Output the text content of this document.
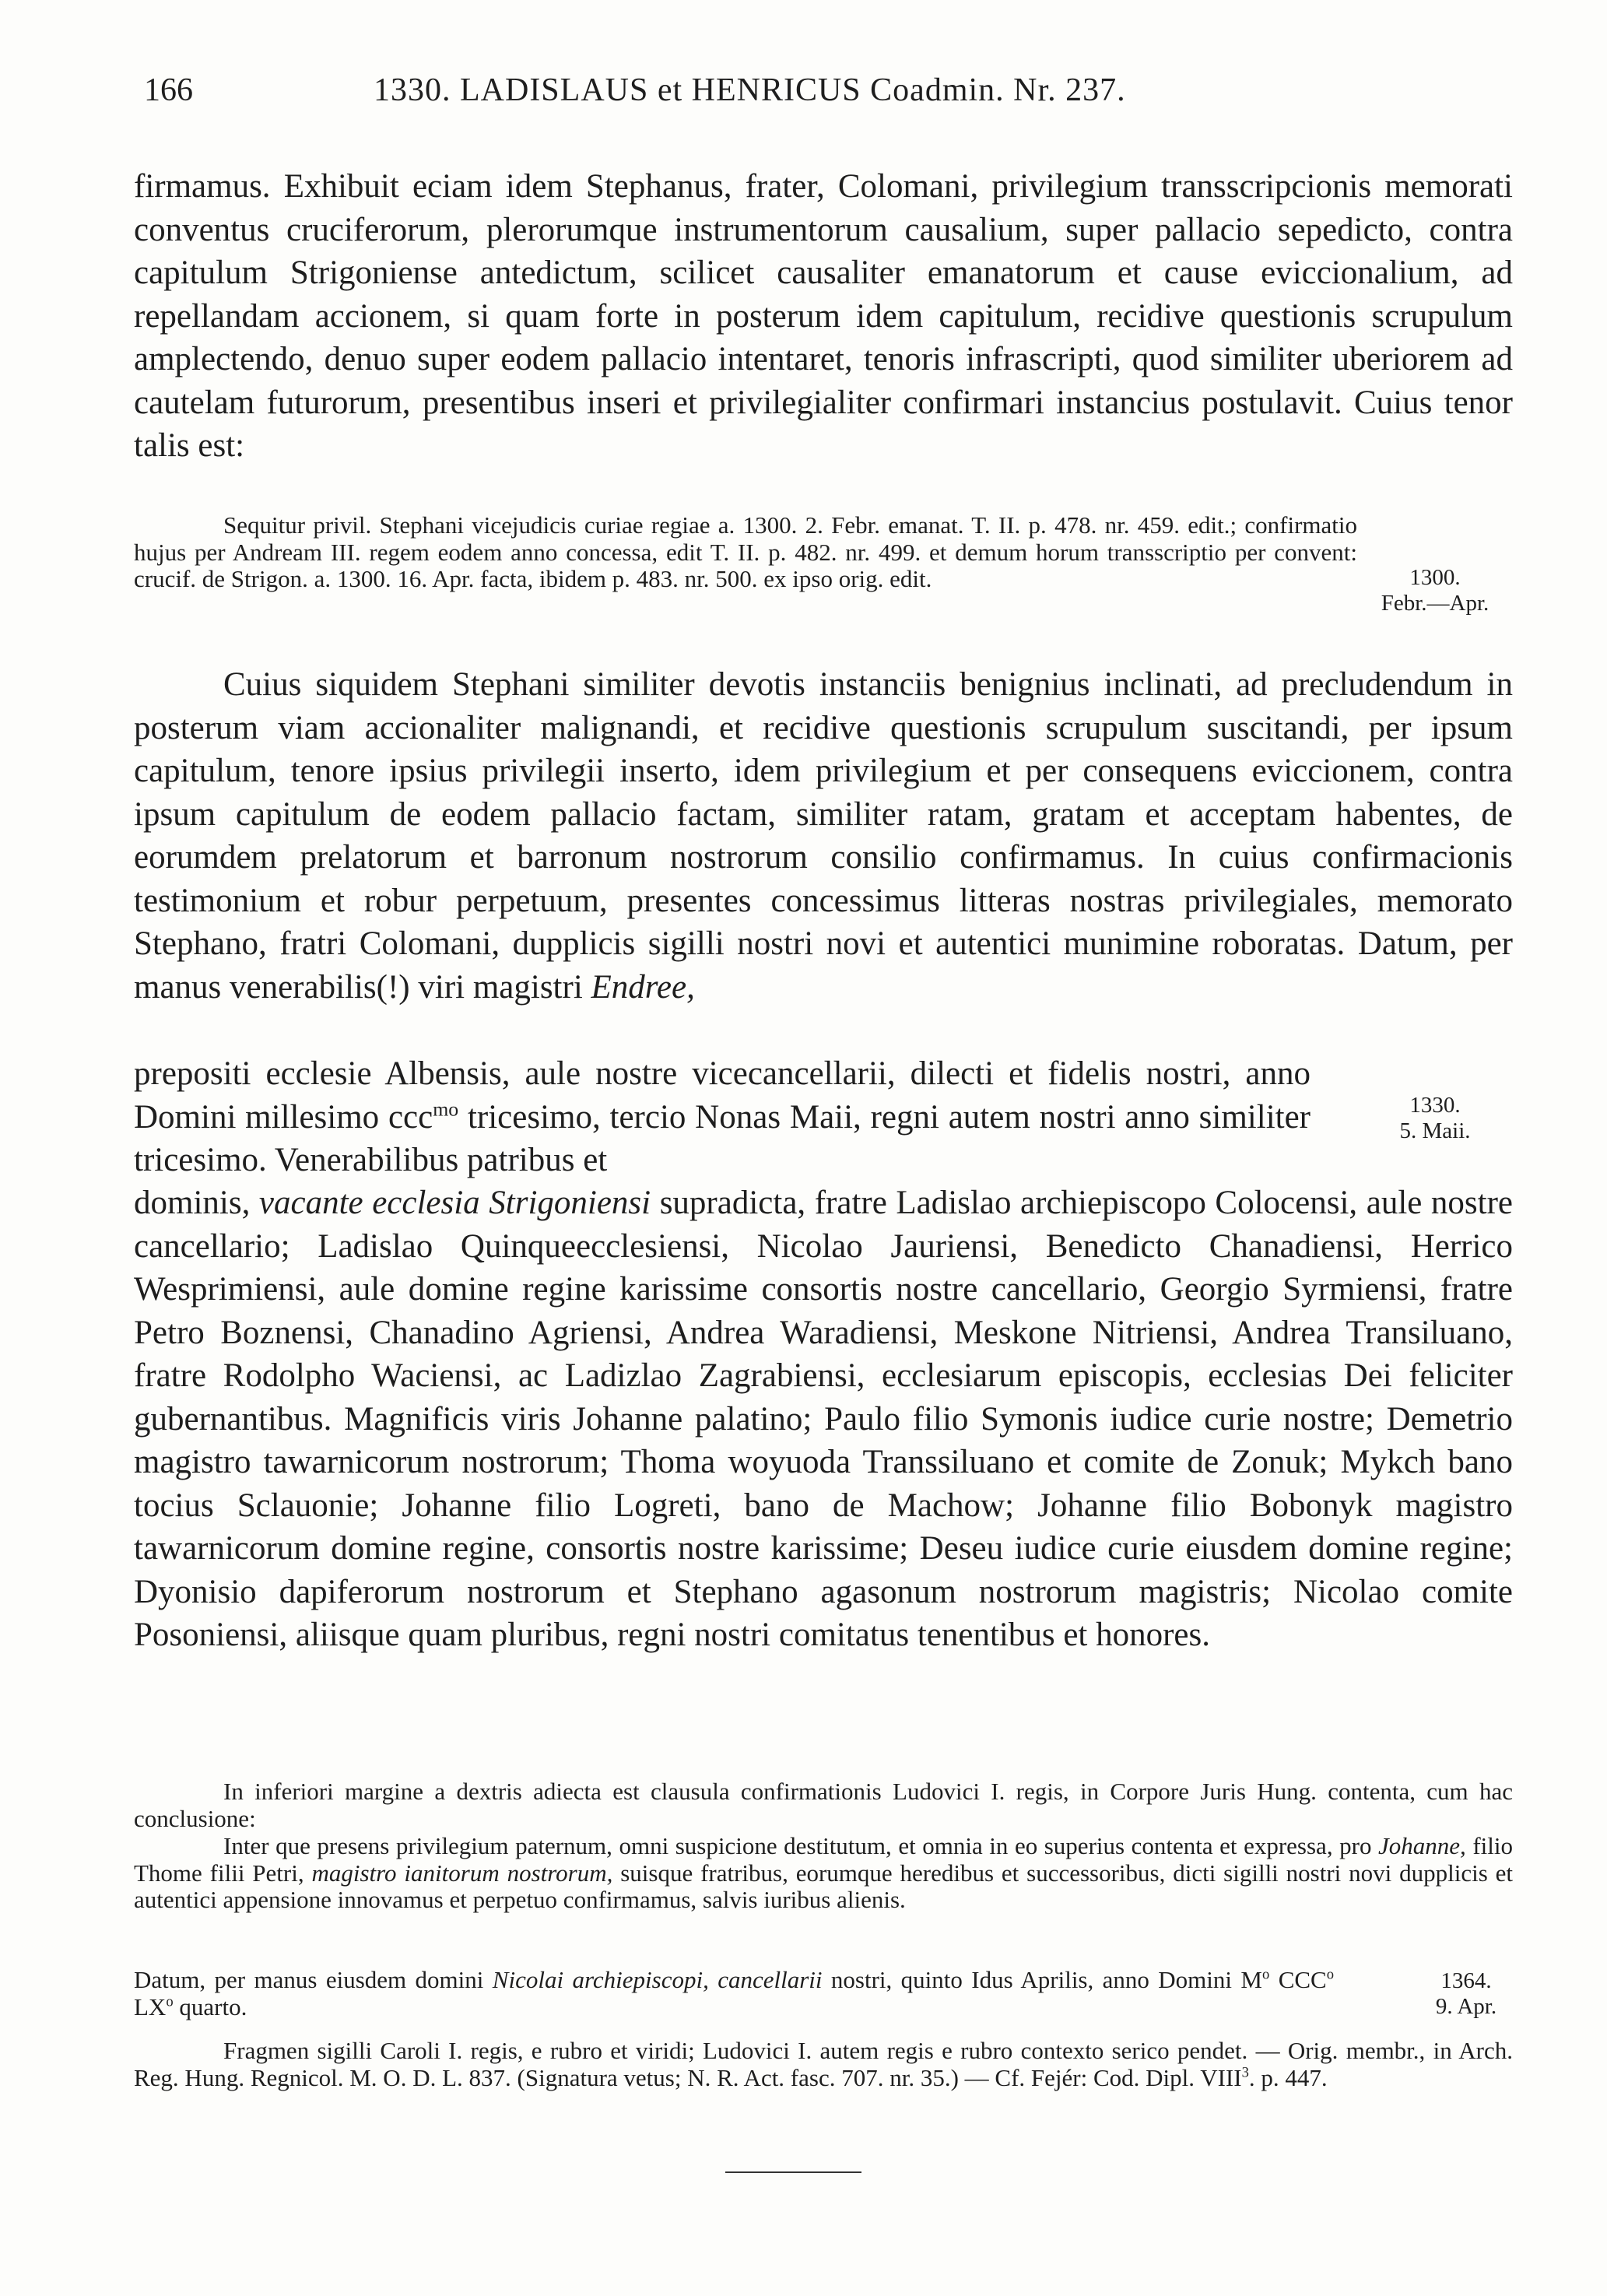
166	1330. LADISLAUS et HENRICUS Coadmin. Nr. 237.

firmamus. Exhibuit eciam idem Stephanus, frater, Colomani, privilegium transscripcionis memorati conventus cruciferorum, plerorumque instrumentorum causalium, super pallacio sepedicto, contra capitulum Strigoniense antedictum, scilicet causaliter emanatorum et cause eviccionalium, ad repellandam accionem, si quam forte in posterum idem capitulum, recidive questionis scrupulum amplectendo, denuo super eodem pallacio intentaret, tenoris infrascripti, quod similiter uberiorem ad cautelam futurorum, presentibus inseri et privilegialiter confirmari instancius postulavit. Cuius tenor talis est:

Sequitur privil. Stephani vicejudicis curiae regiae a. 1300. 2. Febr. emanat. T. II. p. 478. nr. 459. edit.; confirmatio hujus per Andream III. regem eodem anno concessa, edit T. II. p. 482. nr. 499. et demum horum transscriptio per convent: crucif. de Strigon. a. 1300. 16. Apr. facta, ibidem p. 483. nr. 500. ex ipso orig. edit.	1300.
Febr.—Apr.

Cuius siquidem Stephani similiter devotis instanciis benignius inclinati, ad precludendum in posterum viam accionaliter malignandi, et recidive questionis scrupulum suscitandi, per ipsum capitulum, tenore ipsius privilegii inserto, idem privilegium et per consequens eviccionem, contra ipsum capitulum de eodem pallacio factam, similiter ratam, gratam et acceptam habentes, de eorumdem prelatorum et barronum nostrorum consilio confirmamus. In cuius confirmacionis testimonium et robur perpetuum, presentes concessimus litteras nostras privilegiales, memorato Stephano, fratri Colomani, dupplicis sigilli nostri novi et autentici munimine roboratas. Datum, per manus venerabilis(!) viri magistri Endree,

prepositi ecclesie Albensis, aule nostre vicecancellarii, dilecti et fidelis nostri, anno Domini millesimo ccc$^{mo}$ tricesimo, tercio Nonas Maii, regni autem nostri anno similiter tricesimo. Venerabilibus patribus et

1330.
5. Maii.

dominis, vacante ecclesia Strigoniensi supradicta, fratre Ladislao archiepiscopo Colocensi, aule nostre cancellario; Ladislao Quinqueecclesiensi, Nicolao Jauriensi, Benedicto Chanadiensi, Herrico Wesprimiensi, aule domine regine karissime consortis nostre cancellario, Georgio Syrmiensi, fratre Petro Boznensi, Chanadino Agriensi, Andrea Waradiensi, Meskone Nitriensi, Andrea Transiluano, fratre Rodolpho Waciensi, ac Ladizlao Zagrabiensi, ecclesiarum episcopis, ecclesias Dei feliciter gubernantibus. Magnificis viris Johanne palatino; Paulo filio Symonis iudice curie nostre; Demetrio magistro tawarnicorum nostrorum; Thoma woyuoda Transsiluano et comite de Zonuk; Mykch bano tocius Sclauonie; Johanne filio Logreti, bano de Machow; Johanne filio Bobonyk magistro tawarnicorum domine regine, consortis nostre karissime; Deseu iudice curie eiusdem domine regine; Dyonisio dapiferorum nostrorum et Stephano agasonum nostrorum magistris; Nicolao comite Posoniensi, aliisque quam pluribus, regni nostri comitatus tenentibus et honores.

In inferiori margine a dextris adiecta est clausula confirmationis Ludovici I. regis, in Corpore Juris Hung. contenta, cum hac conclusione:

Inter que presens privilegium paternum, omni suspicione destitutum, et omnia in eo superius contenta et expressa, pro Johanne, filio Thome filii Petri, magistro ianitorum nostrorum, suisque fratribus, eorumque heredibus et successoribus, dicti sigilli nostri novi dupplicis et autentici appensione innovamus et perpetuo confirmamus, salvis iuribus alienis.

Datum, per manus eiusdem domini Nicolai archiepiscopi, cancellarii nostri, quinto Idus Aprilis, anno Domini $M^o$ CCC$^o$ $LX^o$ quarto.

1364.
9. Apr.

Fragmen sigilli Caroli I. regis, e rubro et viridi; Ludovici I. autem regis e rubro contexto serico pendet. — Orig. membr., in Arch. Reg. Hung. Regnicol. M. O. D. L. 837. (Signatura vetus; N. R. Act. fasc. 707. nr. 35.) — Cf. Fejér: Cod. Dipl. VIII$^3$. p. 447.
